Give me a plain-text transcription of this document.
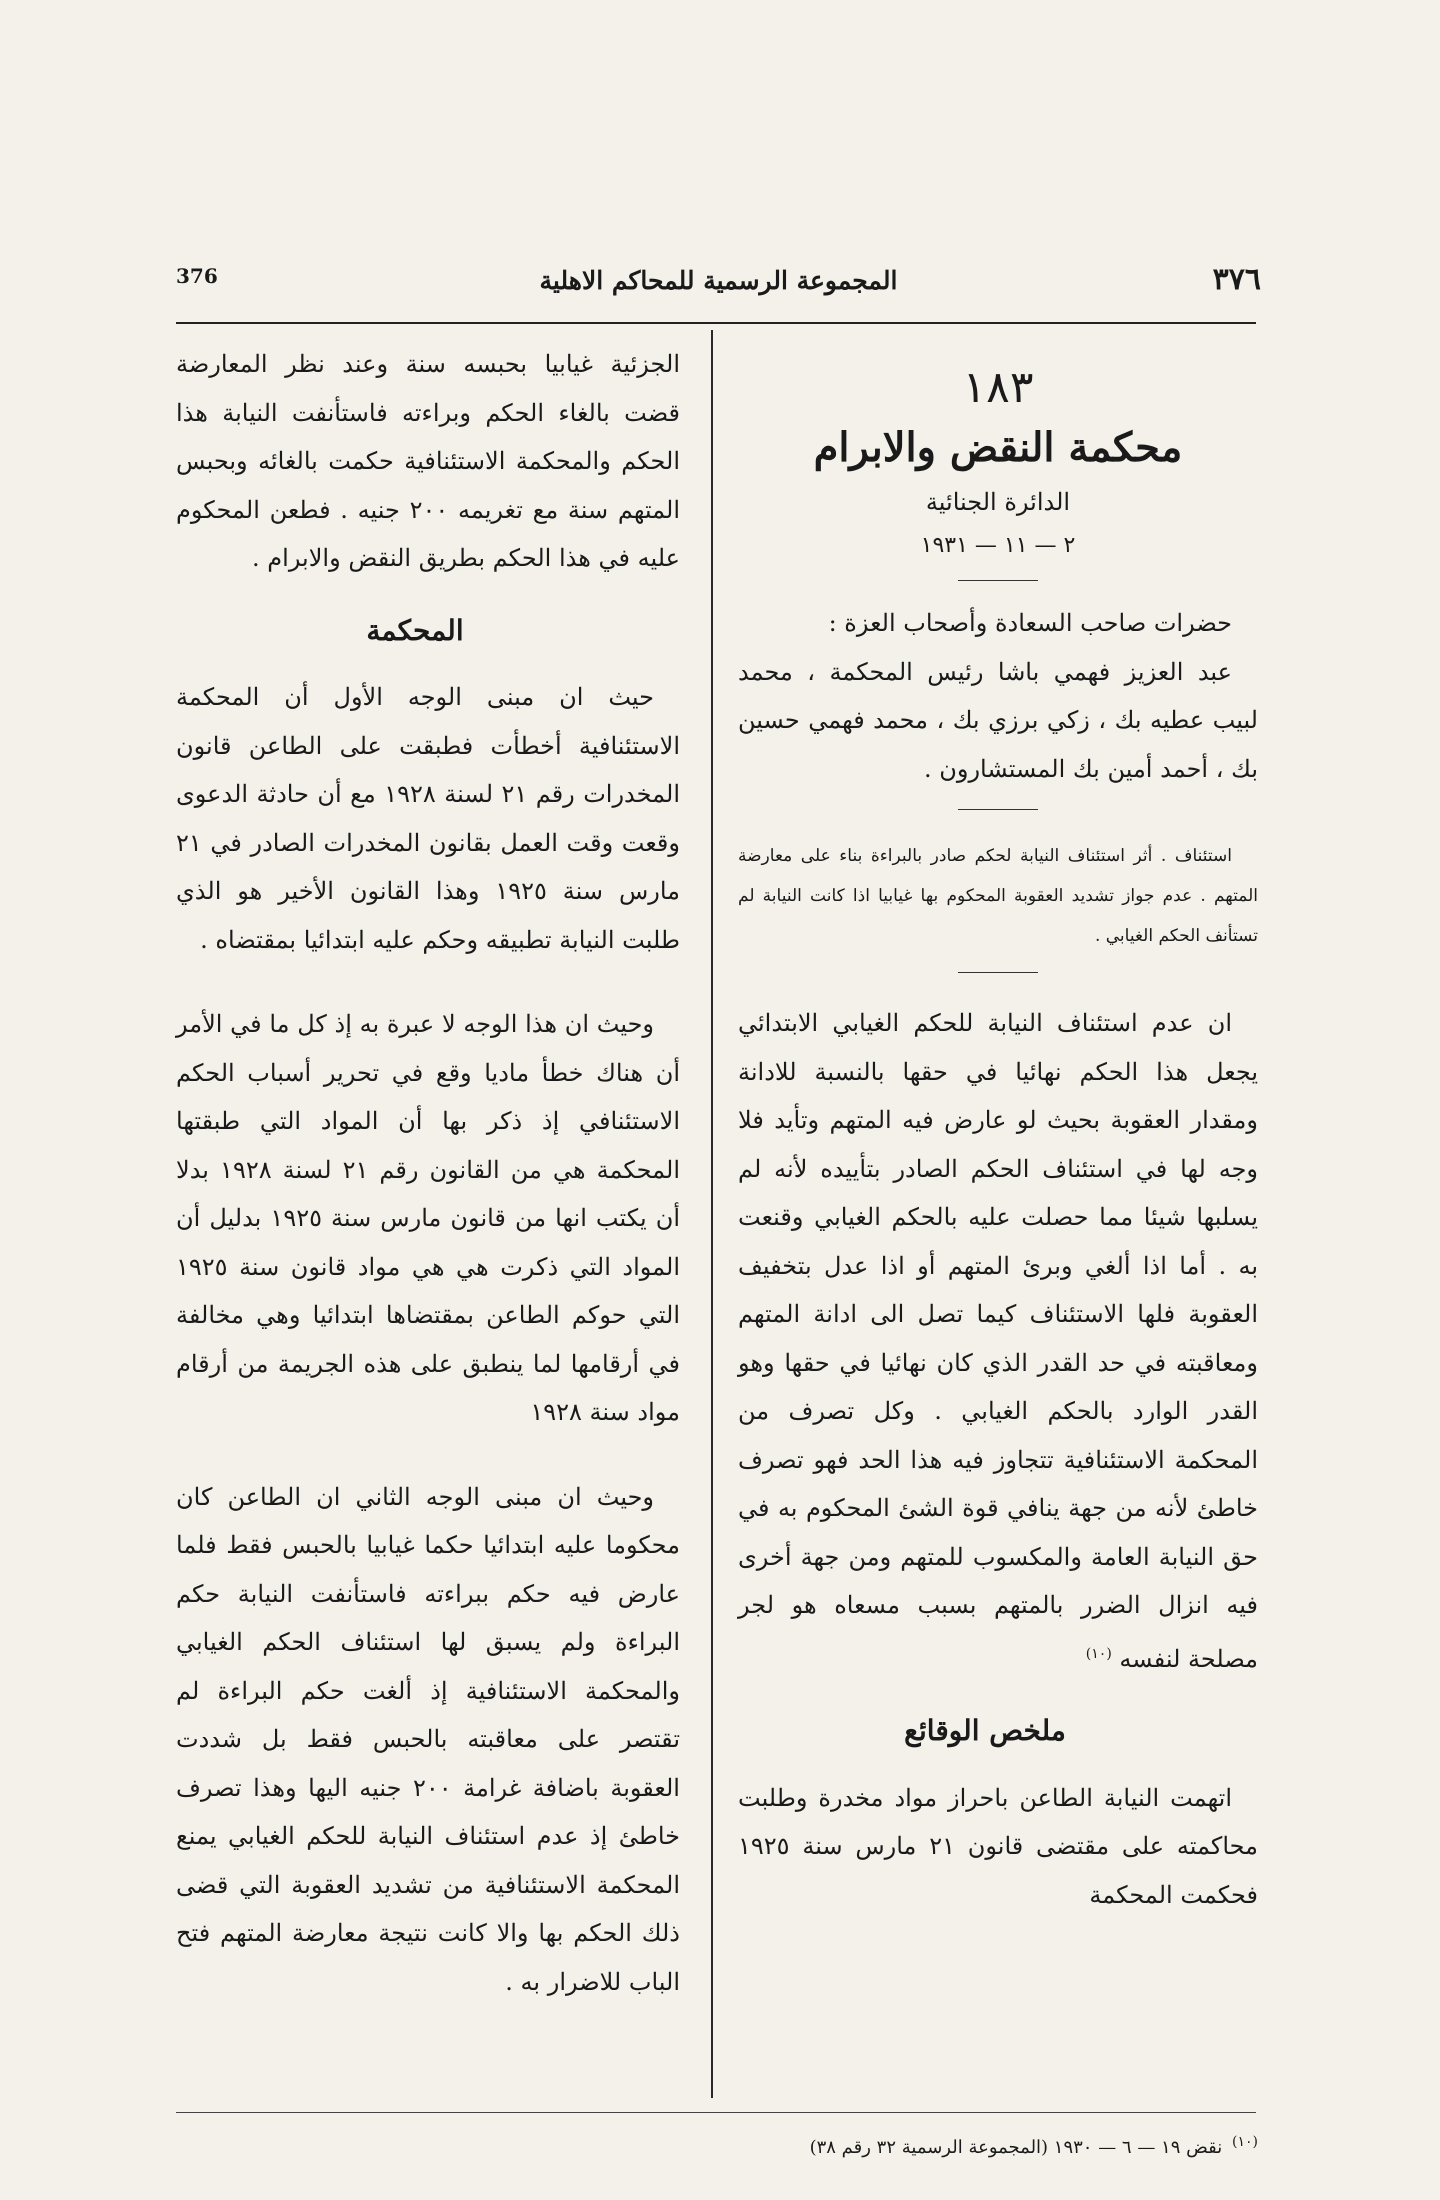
٣٧٦
المجموعة الرسمية للمحاكم الاهلية
376

١٨٣

محكمة النقض والابرام

الدائرة الجنائية

٢ — ١١ — ١٩٣١

حضرات صاحب السعادة وأصحاب العزة :

عبد العزيز فهمي باشا رئيس المحكمة ، محمد لبيب عطيه بك ، زكي برزي بك ، محمد فهمي حسين بك ، أحمد أمين بك المستشارون .

استئناف . أثر استئناف النيابة لحكم صادر بالبراءة بناء على معارضة المتهم . عدم جواز تشديد العقوبة المحكوم بها غيابيا اذا كانت النيابة لم تستأنف الحكم الغيابي .

ان عدم استئناف النيابة للحكم الغيابي الابتدائي يجعل هذا الحكم نهائيا في حقها بالنسبة للادانة ومقدار العقوبة بحيث لو عارض فيه المتهم وتأيد فلا وجه لها في استئناف الحكم الصادر بتأييده لأنه لم يسلبها شيئا مما حصلت عليه بالحكم الغيابي وقنعت به . أما اذا ألغي وبرئ المتهم أو اذا عدل بتخفيف العقوبة فلها الاستئناف كيما تصل الى ادانة المتهم ومعاقبته في حد القدر الذي كان نهائيا في حقها وهو القدر الوارد بالحكم الغيابي . وكل تصرف من المحكمة الاستئنافية تتجاوز فيه هذا الحد فهو تصرف خاطئ لأنه من جهة ينافي قوة الشئ المحكوم به في حق النيابة العامة والمكسوب للمتهم ومن جهة أخرى فيه انزال الضرر بالمتهم بسبب مسعاه هو لجر مصلحة لنفسه $^{(١٠)}$

ملخص الوقائع

اتهمت النيابة الطاعن باحراز مواد مخدرة وطلبت محاكمته على مقتضى قانون ٢١ مارس سنة ١٩٢٥ فحكمت المحكمة

الجزئية غيابيا بحبسه سنة وعند نظر المعارضة قضت بالغاء الحكم وبراءته فاستأنفت النيابة هذا الحكم والمحكمة الاستئنافية حكمت بالغائه وبحبس المتهم سنة مع تغريمه ٢٠٠ جنيه . فطعن المحكوم عليه في هذا الحكم بطريق النقض والابرام .

المحكمة

حيث ان مبنى الوجه الأول أن المحكمة الاستئنافية أخطأت فطبقت على الطاعن قانون المخدرات رقم ٢١ لسنة ١٩٢٨ مع أن حادثة الدعوى وقعت وقت العمل بقانون المخدرات الصادر في ٢١ مارس سنة ١٩٢٥ وهذا القانون الأخير هو الذي طلبت النيابة تطبيقه وحكم عليه ابتدائيا بمقتضاه .

وحيث ان هذا الوجه لا عبرة به إذ كل ما في الأمر أن هناك خطأ ماديا وقع في تحرير أسباب الحكم الاستئنافي إذ ذكر بها أن المواد التي طبقتها المحكمة هي من القانون رقم ٢١ لسنة ١٩٢٨ بدلا أن يكتب انها من قانون مارس سنة ١٩٢٥ بدليل أن المواد التي ذكرت هي هي مواد قانون سنة ١٩٢٥ التي حوكم الطاعن بمقتضاها ابتدائيا وهي مخالفة في أرقامها لما ينطبق على هذه الجريمة من أرقام مواد سنة ١٩٢٨

وحيث ان مبنى الوجه الثاني ان الطاعن كان محكوما عليه ابتدائيا حكما غيابيا بالحبس فقط فلما عارض فيه حكم ببراءته فاستأنفت النيابة حكم البراءة ولم يسبق لها استئناف الحكم الغيابي والمحكمة الاستئنافية إذ ألغت حكم البراءة لم تقتصر على معاقبته بالحبس فقط بل شددت العقوبة باضافة غرامة ٢٠٠ جنيه اليها وهذا تصرف خاطئ إذ عدم استئناف النيابة للحكم الغيابي يمنع المحكمة الاستئنافية من تشديد العقوبة التي قضى ذلك الحكم بها والا كانت نتيجة معارضة المتهم فتح الباب للاضرار به .

$^{(١٠)}$ نقض ١٩ — ٦ — ١٩٣٠ (المجموعة الرسمية ٣٢ رقم ٣٨)
